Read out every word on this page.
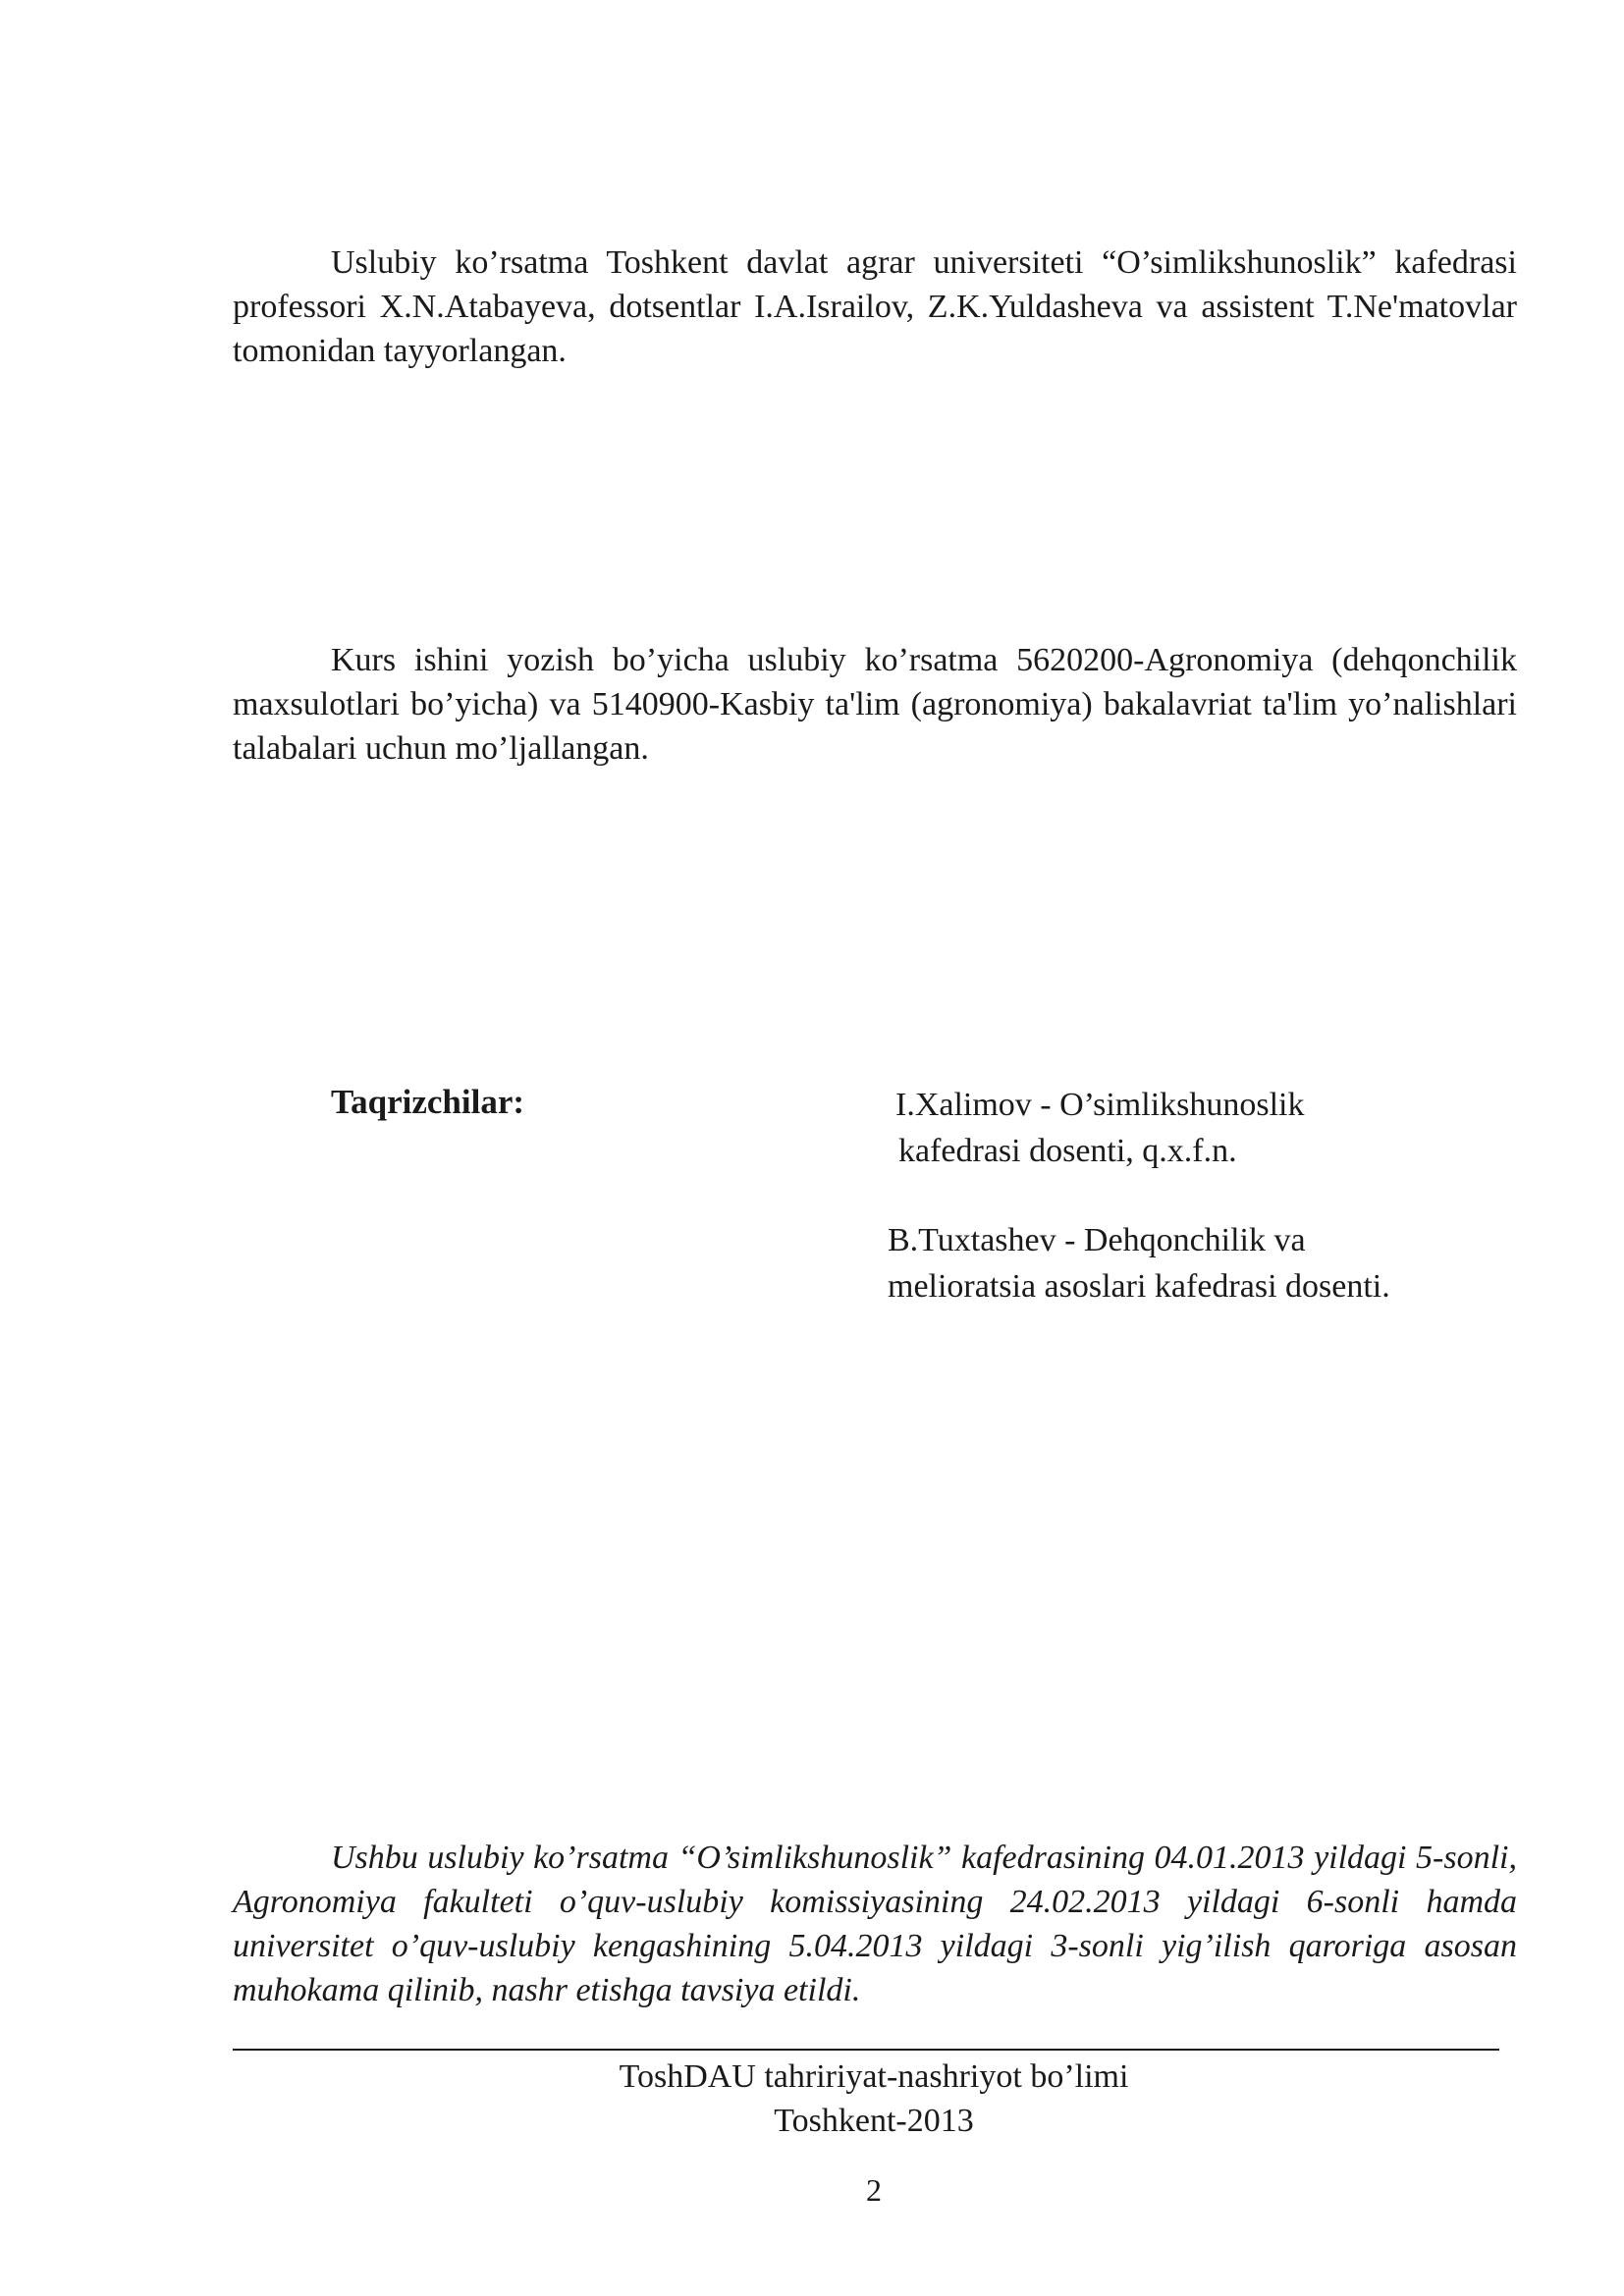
Uslubiy ko’rsatma Toshkent davlat agrar universiteti “O’simlikshunoslik” kafedrasi professori X.N.Atabayeva, dotsentlar I.A.Israilov, Z.K.Yuldasheva va assistent T.Ne'matovlar tomonidan tayyorlangan.

Kurs ishini yozish bo’yicha uslubiy ko’rsatma 5620200-Agronomiya (dehqonchilik maxsulotlari bo’yicha) va 5140900-Kasbiy ta'lim (agronomiya) bakalavriat ta'lim yo’nalishlari talabalari uchun mo’ljallangan.

Taqrizchilar:	I.Xalimov - O’simlikshunoslik
kafedrasi dosenti, q.x.f.n.
B.Tuxtashev - Dehqonchilik va
melioratsia asoslari kafedrasi dosenti.

Ushbu uslubiy ko’rsatma “O’simlikshunoslik” kafedrasining 04.01.2013 yildagi 5-sonli, Agronomiya fakulteti o’quv-uslubiy komissiyasining 24.02.2013 yildagi 6-sonli hamda universitet o’quv-uslubiy kengashining 5.04.2013 yildagi 3-sonli yig’ilish qaroriga asosan muhokama qilinib, nashr etishga tavsiya etildi.

ToshDAU tahririyat-nashriyot bo’limi

Toshkent-2013

2
